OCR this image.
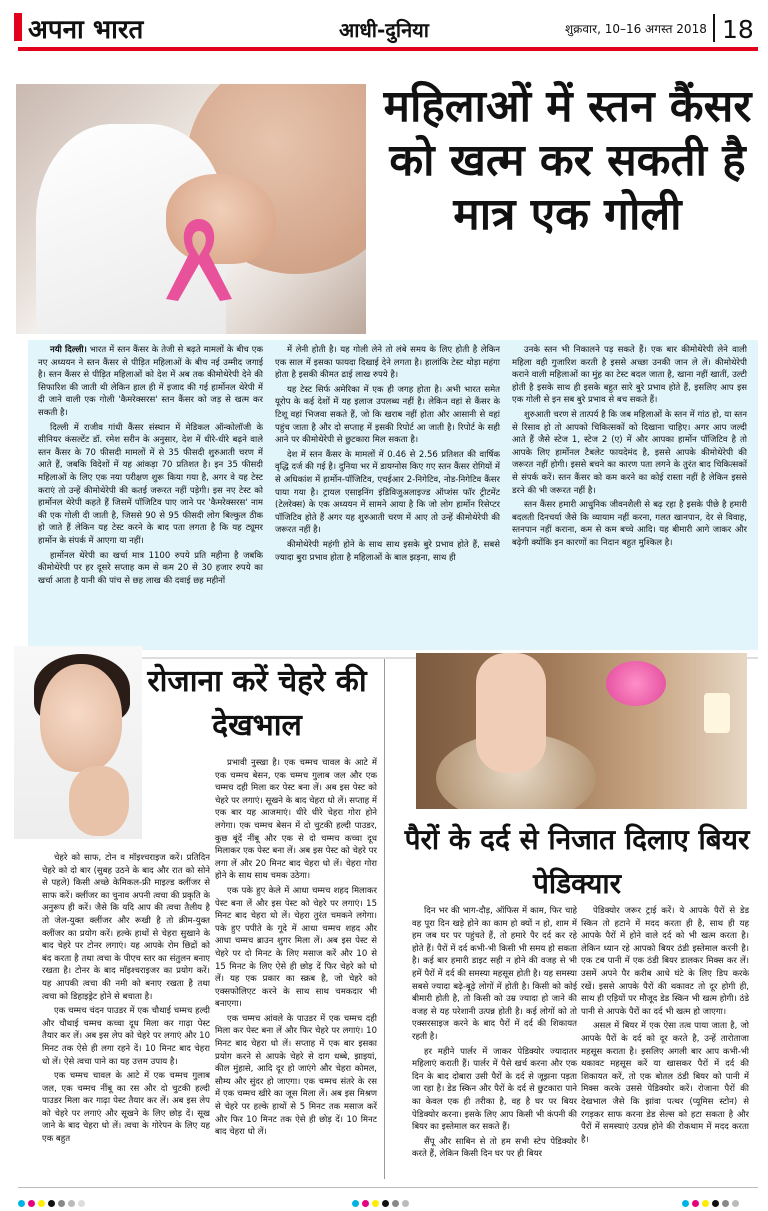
अपना भारत	आधी-दुनिया	शुक्रवार, 10–16 अगस्त 2018 18
महिलाओं में स्तन कैंसर को खत्म कर सकती है मात्र एक गोली

नयी दिल्ली। भारत में स्तन कैंसर के तेजी से बढ़ते मामलों के बीच एक नए अध्ययन ने स्तन कैंसर से पीड़ित महिलाओं के बीच नई उम्मीद जगाई है। स्तन कैंसर से पीड़ित महिलाओं को देश में अब तक कीमोथेरेपी देने की सिफारिश की जाती थी लेकिन हाल ही में इजाद की गई हार्मोनल थेरेपी में दी जाने वाली एक गोली 'कैमरेक्सरस' स्तन कैंसर को जड़ से खत्म कर सकती है।

दिल्ली में राजीव गांधी कैंसर संस्थान में मेडिकल ऑन्कोलॉजी के सीनियर कंसल्टेंट डॉ. रमेश सरीन के अनुसार, देश में धीरे-धीरे बढ़ने वाले स्तन कैंसर के 70 फीसदी मामलों में से 35 फीसदी शुरुआती चरण में आते हैं, जबकि विदेशों में यह आंकड़ा 70 प्रतिशत है। इन 35 फीसदी महिलाओं के लिए एक नया परीक्षण शुरू किया गया है, अगर वे यह टेस्ट कराएं तो उन्हें कीमोथेरेपी की कतई जरूरत नहीं पड़ेगी। इस नए टेस्ट को हार्मोनल थेरेपी कहते हैं जिसमें पॉजिटिव पाए जाने पर 'कैमरेक्सरस' नाम की एक गोली दी जाती है, जिससे 90 से 95 फीसदी लोग बिल्कुल ठीक हो जाते हैं लेकिन यह टेस्ट करने के बाद पता लगता है कि यह ट्यूमर हार्मोन के संपर्क में आएगा या नहीं।

हार्मोनल थेरेपी का खर्चा मात्र 1100 रुपये प्रति महीना है जबकि कीमोथेरेपी पर हर दूसरे सप्ताह कम से कम 20 से 30 हजार रुपये का खर्चा आता है यानी की पांच से छह लाख की दवाई छह महीनों

में लेनी होती है। यह गोली लेने तो लंबे समय के लिए होती है लेकिन एक साल में इसका फायदा दिखाई देने लगता है। हालांकि टेस्ट थोड़ा महंगा होता है इसकी कीमत ढाई लाख रुपये है।

यह टेस्ट सिर्फ अमेरिका में एक ही जगह होता है। अभी भारत समेत यूरोप के कई देशों में यह इलाज उपलब्ध नहीं है। लेकिन वहां से कैंसर के टिशू वहां भिजवा सकते हैं, जो कि खराब नहीं होता और आसानी से वहां पहुंच जाता है और दो सप्ताह में इसकी रिपोर्ट आ जाती है। रिपोर्ट के सही आने पर कीमोथेरेपी से छुटकारा मिल सकता है।

देश में स्तन कैंसर के मामलों में 0.46 से 2.56 प्रतिशत की वार्षिक वृद्धि दर्ज की गई है। दुनिया भर में डायग्नोस किए गए स्तन कैंसर रोगियों में से अधिकांश में हार्मोन-पॉजिटिव, एचईआर 2-निगेटिव, नोड-निगेटिव कैंसर पाया गया है। ट्रायल एसाइनिंग इंडिविजुअलाइज्ड ऑप्शंस फॉर ट्रीटमेंट (टेलरेक्स) के एक अध्ययन में सामने आया है कि जो लोग हार्मोन रिसेप्टर पॉजिटिव होते हैं अगर यह शुरुआती चरण में आए तो उन्हें कीमोथेरेपी की जरूरत नहीं है।

कीमोथेरेपी महंगी होने के साथ साथ इसके बुरे प्रभाव होते हैं, सबसे ज्यादा बुरा प्रभाव होता है महिलाओं के बाल झड़ना, साथ ही

उनके स्तन भी निकालने पड़ सकते हैं। एक बार कीमोथेरेपी लेने वाली महिला वही गुजारिश करती है इससे अच्छा उनकी जान ले लें। कीमोथेरेपी कराने वाली महिलाओं का मुंह का टेस्ट बदल जाता है, खाना नहीं खातीं, उल्टी होती है इसके साथ ही इसके बहुत सारे बुरे प्रभाव होते हैं, इसलिए आप इस एक गोली से इन सब बुरे प्रभाव से बच सकते हैं।

शुरुआती चरण से तात्पर्य है कि जब महिलाओं के स्तन में गांठ हो, या स्तन से रिसाव हो तो आपको चिकित्सकों को दिखाना चाहिए। अगर आप जल्दी आते हैं जैसे स्टेज 1, स्टेज 2 (ए) में और आपका हार्मोन पॉजिटिव है तो आपके लिए हार्मोनल टैबलेट फायदेमंद है, इससे आपके कीमोथेरेपी की जरूरत नहीं होगी। इससे बचने का कारण पता लगने के तुरंत बाद चिकित्सकों से संपर्क करें। स्तन कैंसर को कम करने का कोई रास्ता नहीं है लेकिन इससे डरने की भी जरूरत नहीं है।

स्तन कैंसर हमारी आधुनिक जीवनशैली से बढ़ रहा है इसके पीछे है हमारी बदलती दिनचर्या जैसे कि व्यायाम नहीं करना, गलत खानपान, देर से विवाह, स्तनपान नहीं कराना, कम से कम बच्चे आदि। यह बीमारी आगे जाकर और बढ़ेगी क्योंकि इन कारणों का निदान बहुत मुश्किल है।

रोजाना करें चेहरे की देखभाल

चेहरे को साफ, टोन व मॉइश्चराइज करें। प्रतिदिन चेहरे को दो बार (सुबह उठने के बाद और रात को सोने से पहले) किसी अच्छे केमिकल-फ्री माइल्ड क्लींजर से साफ करें। क्लींजर का चुनाव अपनी त्वचा की प्रकृति के अनुरूप ही करें। जैसे कि यदि आप की त्वचा तैलीय है तो जेल-युक्त क्लींजर और रूखी है तो क्रीम-युक्त क्लींजर का प्रयोग करें। हल्के हाथों से चेहरा सुखाने के बाद चेहरे पर टोनर लगाएं। यह आपके रोम छिद्रों को बंद करता है तथा त्वचा के पीएच स्तर का संतुलन बनाए रखता है। टोनर के बाद मॉइश्चराइजर का प्रयोग करें। यह आपकी त्वचा की नमी को बनाए रखता है तथा त्वचा को डिहाइड्रेट होने से बचाता है।

एक चम्मच चंदन पाउडर में एक चौथाई चम्मच हल्दी और चौथाई चम्मच कच्चा दूध मिला कर गाढ़ा पेस्ट तैयार कर लें। अब इस लेप को चेहरे पर लगाएं और 10 मिनट तक ऐसे ही लगा रहने दें। 10 मिनट बाद चेहरा धो लें। ऐसे त्वचा पाने का यह उत्तम उपाय है।

एक चम्मच चावल के आटे में एक चम्मच गुलाब जल, एक चम्मच नींबू का रस और दो चुटकी हल्दी पाउडर मिला कर गाढ़ा पेस्ट तैयार कर लें। अब इस लेप को चेहरे पर लगाएं और सूखने के लिए छोड़ दें। सूख जाने के बाद चेहरा धो लें। त्वचा के गोरेपन के लिए यह एक बहुत

प्रभावी नुस्खा है। एक चम्मच चावल के आटे में एक चम्मच बेसन, एक चम्मच गुलाब जल और एक चम्मच दही मिला कर पेस्ट बना लें। अब इस पेस्ट को चेहरे पर लगाएं। सूखने के बाद चेहरा धो लें। सप्ताह में एक बार यह आजमाएं। धीरे धीरे चेहरा गोरा होने लगेगा। एक चम्मच बेसन में दो चुटकी हल्दी पाउडर, कुछ बूंदें नींबू और एक से दो चम्मच कच्चा दूध मिलाकर एक पेस्ट बना लें। अब इस पेस्ट को चेहरे पर लगा लें और 20 मिनट बाद चेहरा धो लें। चेहरा गोरा होने के साथ साथ चमक उठेगा।

एक पके हुए केले में आधा चम्मच शहद मिलाकर पेस्ट बना लें और इस पेस्ट को चेहरे पर लगाएं। 15 मिनट बाद चेहरा धो लें। चेहरा तुरंत चमकने लगेगा। पके हुए पपीते के गूदे में आधा चम्मच शहद और आधा चम्मच ब्राउन शुगर मिला लें। अब इस पेस्ट से चेहरे पर दो मिनट के लिए मसाज करें और 10 से 15 मिनट के लिए ऐसे ही छोड़ दें फिर चेहरे को धो लें। यह एक प्रकार का स्क्रब है, जो चेहरे को एक्सफोलिएट करने के साथ साथ चमकदार भी बनाएगा।

एक चम्मच आंवले के पाउडर में एक चम्मच दही मिला कर पेस्ट बना लें और फिर चेहरे पर लगाएं। 10 मिनट बाद चेहरा धो लें। सप्ताह में एक बार इसका प्रयोग करने से आपके चेहरे से दाग धब्बे, झाइयां, कील मुंहासे, आदि दूर हो जाएंगे और चेहरा कोमल, सौम्य और सुंदर हो जाएगा। एक चम्मच संतरे के रस में एक चम्मच खीरे का जूस मिला लें। अब इस मिश्रण से चेहरे पर हल्के हाथों से 5 मिनट तक मसाज करें और फिर 10 मिनट तक ऐसे ही छोड़ दें। 10 मिनट बाद चेहरा धो लें।

पैरों के दर्द से निजात दिलाए बियर पेडिक्यार

दिन भर की भाग-दौड़, ऑफिस में काम, फिर चाहे वह पूरा दिन खड़े होने का काम हो क्यों न हो, शाम में हम जब घर पर पहुंचते हैं, तो हमारे पैर दर्द कर रहे होते हैं। पैरों में दर्द कभी-भी किसी भी समय हो सकता है। कई बार हमारी डाइट सही न होने की वजह से भी हमें पैरों में दर्द की समस्या महसूस होती है। यह समस्या सबसे ज्यादा बढ़े-बूढ़े लोगों में होती है। किसी को कोई बीमारी होती है, तो किसी को उम्र ज्यादा हो जाने की वजह से यह परेशानी उत्पन्न होती है। कई लोगों को तो एक्सरसाइज करने के बाद पैरों में दर्द की शिकायत रहती है।

हर महीने पार्लर में जाकर पेडिक्योर ज्यादातर महिलाएं कराती हैं। पार्लर में पैसे खर्च करना और एक दिन के बाद दोबारा उसी पैरों के दर्द से जूझना पड़ता जा रहा है। डेड स्किन और पैरों के दर्द से छुटकारा पाने का केवल एक ही तरीका है, वह है घर पर बियर पेडिक्योर करना। इसके लिए आप किसी भी कंपनी की बियर का इस्तेमाल कर सकते हैं।

सैंपू और साबिन से तो हम सभी स्टेप पेडिक्योर करते हैं, लेकिन किसी दिन घर पर ही बियर

पेडिक्योर जरूर ट्राई करें। ये आपके पैरों से डेड स्किन तो हटाने में मदद करता ही है, साथ ही यह आपके पैरों में होने वाले दर्द को भी खत्म करता है। लेकिन ध्यान रहे आपको बियर ठंडी इस्तेमाल करनी है। एक टब पानी में एक ठंडी बियर डालकर मिक्स कर लें। उसमें अपने पैर करीब आधे घंटे के लिए डिप करके रखें। इससे आपके पैरों की थकावट तो दूर होगी ही, साथ ही एड़ियों पर मौजूद डेड स्किन भी खत्म होगी। ठंडे पानी से आपके पैरों का दर्द भी खत्म हो जाएगा।

असल में बियर में एक ऐसा तत्व पाया जाता है, जो आपके पैरों के दर्द को दूर करते है, उन्हें तारोताजा महसूस कराता है। इसलिए अगली बार आप कभी-भी थकावट महसूस करें या खासकर पैरों में दर्द की शिकायत करें, तो एक बोतल ठंडी बियर को पानी में मिक्स करके उससे पेडिक्योर करें। रोजाना पैरों की देखभाल जैसे कि झांवा पत्थर (प्यूमिस स्टोन) से रगड़कर साफ करना डेड सेल्स को हटा सकता है और पैरों में समस्याएं उत्पन्न होने की रोकथाम में मदद करता है।
